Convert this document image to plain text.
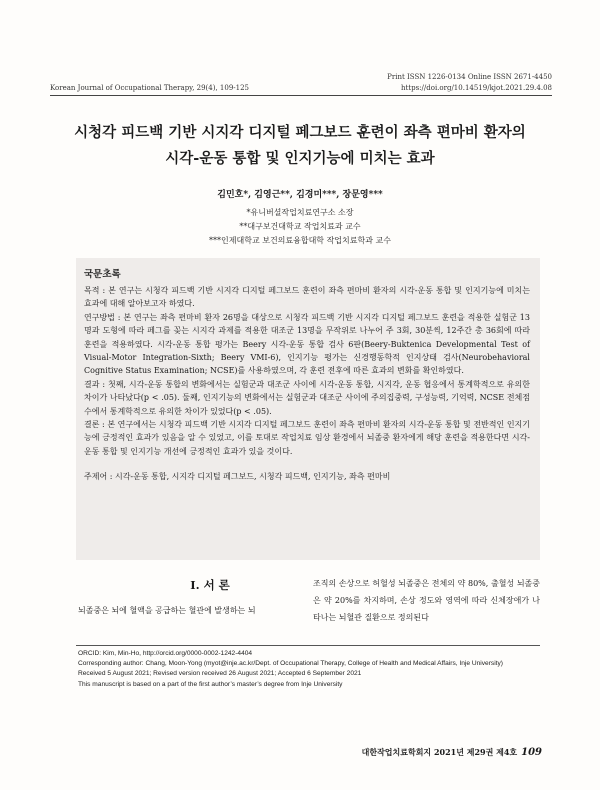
Korean Journal of Occupational Therapy, 29(4), 109-125
Print ISSN 1226-0134 Online ISSN 2671-4450
https://doi.org/10.14519/kjot.2021.29.4.08
시청각 피드백 기반 시지각 디지털 페그보드 훈련이 좌측 편마비 환자의
시각-운동 통합 및 인지기능에 미치는 효과
김민호*, 김영근**, 김경미***, 장문영***
*유니버셜작업치료연구소 소장
**대구보건대학교 작업치료과 교수
***인제대학교 보건의료융합대학 작업치료학과 교수
국문초록

목적 : 본 연구는 시청각 피드백 기반 시지각 디지털 페그보드 훈련이 좌측 편마비 환자의 시각-운동 통합 및 인지기능에 미치는 효과에 대해 알아보고자 하였다.

연구방법 : 본 연구는 좌측 편마비 환자 26명을 대상으로 시청각 피드백 기반 시지각 디지털 페그보드 훈련을 적용한 실험군 13명과 도형에 따라 페그를 꽂는 시지각 과제를 적용한 대조군 13명을 무작위로 나누어 주 3회, 30분씩, 12주간 총 36회에 따라 훈련을 적용하였다. 시각-운동 통합 평가는 Beery 시각-운동 통합 검사 6판(Beery-Buktenica Developmental Test of Visual-Motor Integration-Sixth; Beery VMI-6), 인지기능 평가는 신경행동학적 인지상태 검사(Neurobehavioral Cognitive Status Examination; NCSE)를 사용하였으며, 각 훈련 전후에 따른 효과의 변화를 확인하였다.

결과 : 첫째, 시각-운동 통합의 변화에서는 실험군과 대조군 사이에 시각-운동 통합, 시지각, 운동 협응에서 통계학적으로 유의한 차이가 나타났다(p < .05). 둘째, 인지기능의 변화에서는 실험군과 대조군 사이에 주의집중력, 구성능력, 기억력, NCSE 전체점수에서 통계학적으로 유의한 차이가 있었다(p < .05).

결론 : 본 연구에서는 시청각 피드백 기반 시지각 디지털 페그보드 훈련이 좌측 편마비 환자의 시각-운동 통합 및 전반적인 인지기능에 긍정적인 효과가 있음을 알 수 있었고, 이를 토대로 작업치료 임상 환경에서 뇌졸중 환자에게 해당 훈련을 적용한다면 시각-운동 통합 및 인지기능 개선에 긍정적인 효과가 있을 것이다.

주제어 : 시각-운동 통합, 시지각 디지털 페그보드, 시청각 피드백, 인지기능, 좌측 편마비
Ⅰ. 서 론
뇌졸중은 뇌에 혈액을 공급하는 혈관에 발생하는 뇌
조직의 손상으로 허혈성 뇌졸중은 전체의 약 80%, 출혈성 뇌졸중은 약 20%를 차지하며, 손상 정도와 영역에 따라 신체장애가 나타나는 뇌혈관 질환으로 정의된다
ORCID: Kim, Min-Ho, http://orcid.org/0000-0002-1242-4404
Corresponding author: Chang, Moon-Yong (myot@inje.ac.kr/Dept. of Occupational Therapy, College of Health and Medical Affairs, Inje University)
Received 5 August 2021; Revised version received 26 August 2021; Accepted 6 September 2021
This manuscript is based on a part of the first author’s master’s degree from Inje University
대한작업치료학회지 2021년 제29권 제4호 109
